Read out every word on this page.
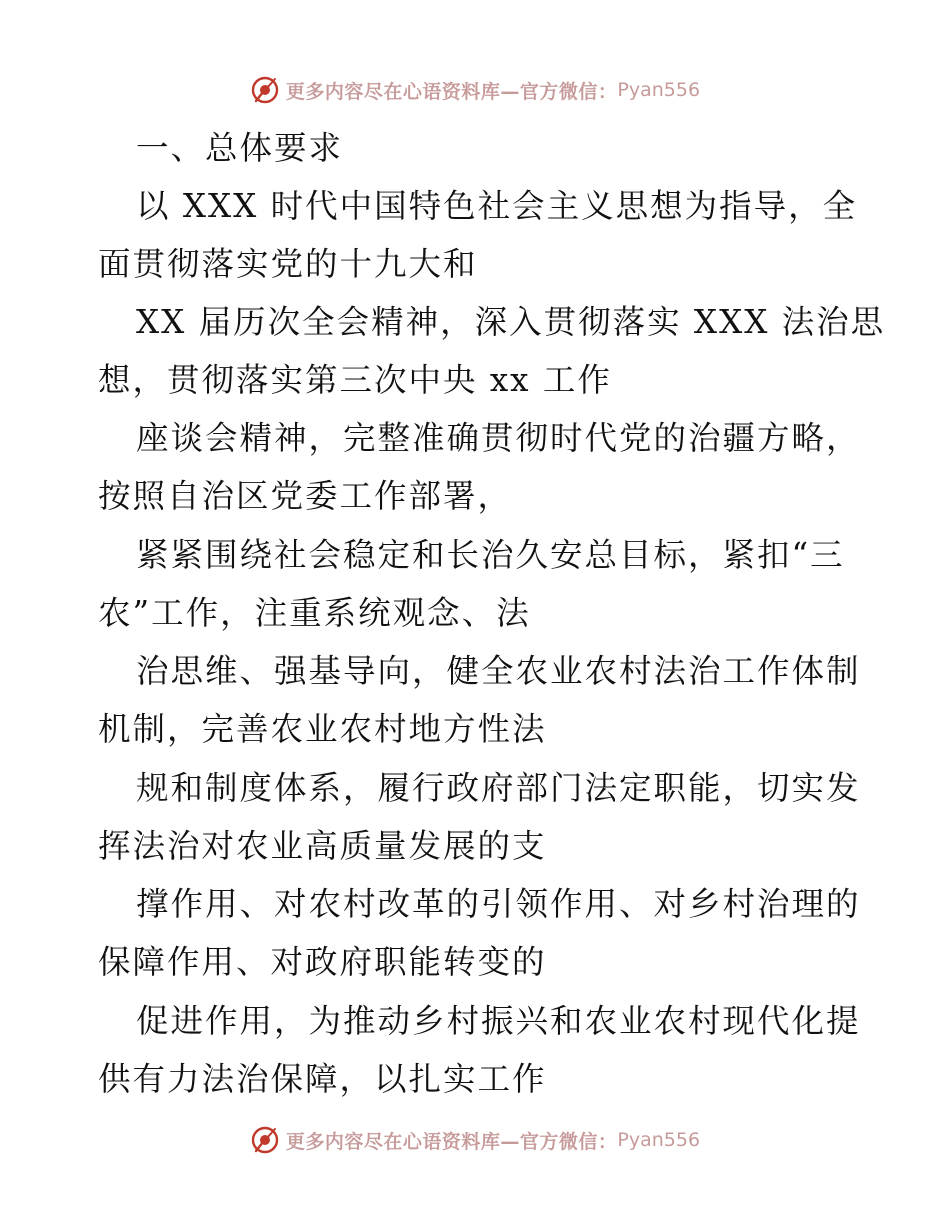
更多内容尽在心语资料库—官方微信： Pyan556
一、总体要求
以 XXX 时代中国特色社会主义思想为指导，全
面贯彻落实党的十九大和
XX 届历次全会精神，深入贯彻落实 XXX 法治思
想，贯彻落实第三次中央 xx 工作
座谈会精神，完整准确贯彻时代党的治疆方略，
按照自治区党委工作部署，
紧紧围绕社会稳定和长治久安总目标，紧扣“三
农”工作，注重系统观念、法
治思维、强基导向，健全农业农村法治工作体制
机制，完善农业农村地方性法
规和制度体系，履行政府部门法定职能，切实发
挥法治对农业高质量发展的支
撑作用、对农村改革的引领作用、对乡村治理的
保障作用、对政府职能转变的
促进作用，为推动乡村振兴和农业农村现代化提
供有力法治保障，以扎实工作
更多内容尽在心语资料库—官方微信： Pyan556
